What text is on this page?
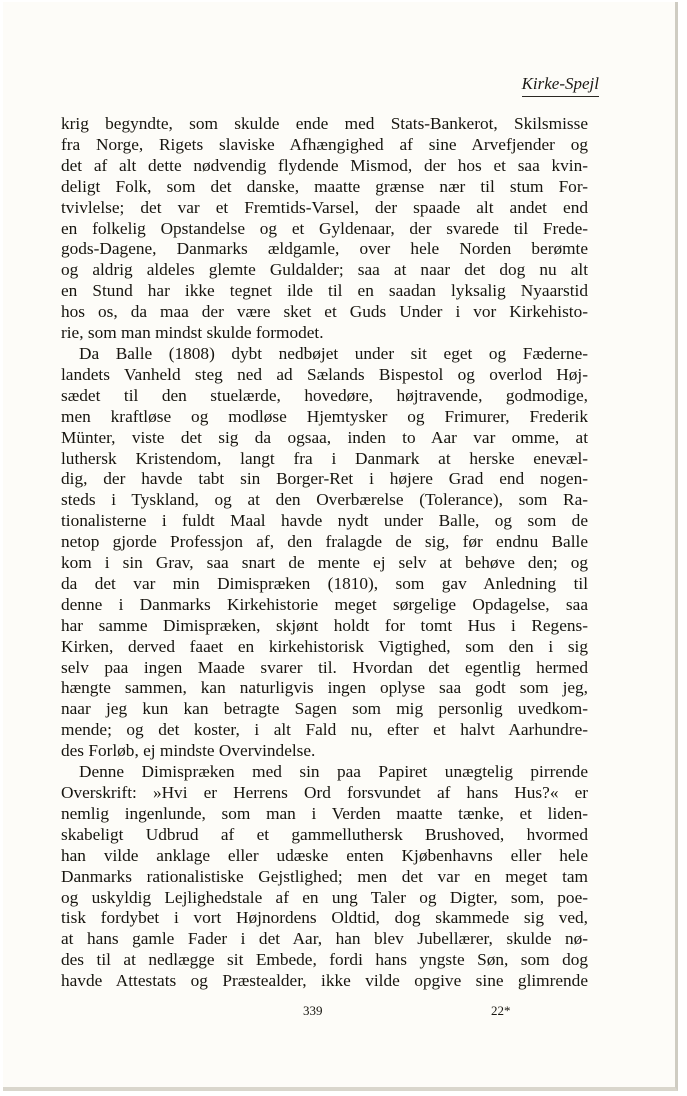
Kirke-Spejl
krig begyndte, som skulde ende med Stats-Bankerot, Skilsmisse
fra Norge, Rigets slaviske Afhængighed af sine Arvefjender og
det af alt dette nødvendig flydende Mismod, der hos et saa kvin-
deligt Folk, som det danske, maatte grænse nær til stum For-
tvivlelse; det var et Fremtids-Varsel, der spaade alt andet end
en folkelig Opstandelse og et Gyldenaar, der svarede til Frede-
gods-Dagene, Danmarks ældgamle, over hele Norden berømte
og aldrig aldeles glemte Guldalder; saa at naar det dog nu alt
en Stund har ikke tegnet ilde til en saadan lyksalig Nyaarstid
hos os, da maa der være sket et Guds Under i vor Kirkehisto-
rie, som man mindst skulde formodet.
Da Balle (1808) dybt nedbøjet under sit eget og Fæderne-
landets Vanheld steg ned ad Sælands Bispestol og overlod Høj-
sædet til den stuelærde, hovedøre, højtravende, godmodige,
men kraftløse og modløse Hjemtysker og Frimurer, Frederik
Münter, viste det sig da ogsaa, inden to Aar var omme, at
luthersk Kristendom, langt fra i Danmark at herske enevæl-
dig, der havde tabt sin Borger-Ret i højere Grad end nogen-
steds i Tyskland, og at den Overbærelse (Tolerance), som Ra-
tionalisterne i fuldt Maal havde nydt under Balle, og som de
netop gjorde Professjon af, den fralagde de sig, før endnu Balle
kom i sin Grav, saa snart de mente ej selv at behøve den; og
da det var min Dimispræken (1810), som gav Anledning til
denne i Danmarks Kirkehistorie meget sørgelige Opdagelse, saa
har samme Dimispræken, skjønt holdt for tomt Hus i Regens-
Kirken, derved faaet en kirkehistorisk Vigtighed, som den i sig
selv paa ingen Maade svarer til. Hvordan det egentlig hermed
hængte sammen, kan naturligvis ingen oplyse saa godt som jeg,
naar jeg kun kan betragte Sagen som mig personlig uvedkom-
mende; og det koster, i alt Fald nu, efter et halvt Aarhundre-
des Forløb, ej mindste Overvindelse.
Denne Dimispræken med sin paa Papiret unægtelig pirrende
Overskrift: »Hvi er Herrens Ord forsvundet af hans Hus?« er
nemlig ingenlunde, som man i Verden maatte tænke, et liden-
skabeligt Udbrud af et gammelluthersk Brushoved, hvormed
han vilde anklage eller udæske enten Kjøbenhavns eller hele
Danmarks rationalistiske Gejstlighed; men det var en meget tam
og uskyldig Lejlighedstale af en ung Taler og Digter, som, poe-
tisk fordybet i vort Højnordens Oldtid, dog skammede sig ved,
at hans gamle Fader i det Aar, han blev Jubellærer, skulde nø-
des til at nedlægge sit Embede, fordi hans yngste Søn, som dog
havde Attestats og Præstealder, ikke vilde opgive sine glimrende
339	22*
